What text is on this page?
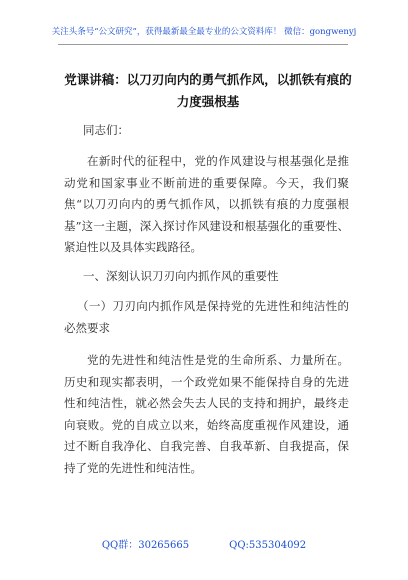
关注头条号“公文研究”，获得最新最全最专业的公文资料库！ 微信：gongwenyj
党课讲稿：以刀刃向内的勇气抓作风，以抓铁有痕的力度强根基

同志们：

在新时代的征程中，党的作风建设与根基强化是推动党和国家事业不断前进的重要保障。今天，我们聚焦“以刀刃向内的勇气抓作风，以抓铁有痕的力度强根基”这一主题，深入探讨作风建设和根基强化的重要性、紧迫性以及具体实践路径。

一、深刻认识刀刃向内抓作风的重要性

（一）刀刃向内抓作风是保持党的先进性和纯洁性的必然要求

党的先进性和纯洁性是党的生命所系、力量所在。历史和现实都表明，一个政党如果不能保持自身的先进性和纯洁性，就必然会失去人民的支持和拥护，最终走向衰败。党的自成立以来，始终高度重视作风建设，通过不断自我净化、自我完善、自我革新、自我提高，保持了党的先进性和纯洁性。

QQ群：30265665	QQ:535304092
